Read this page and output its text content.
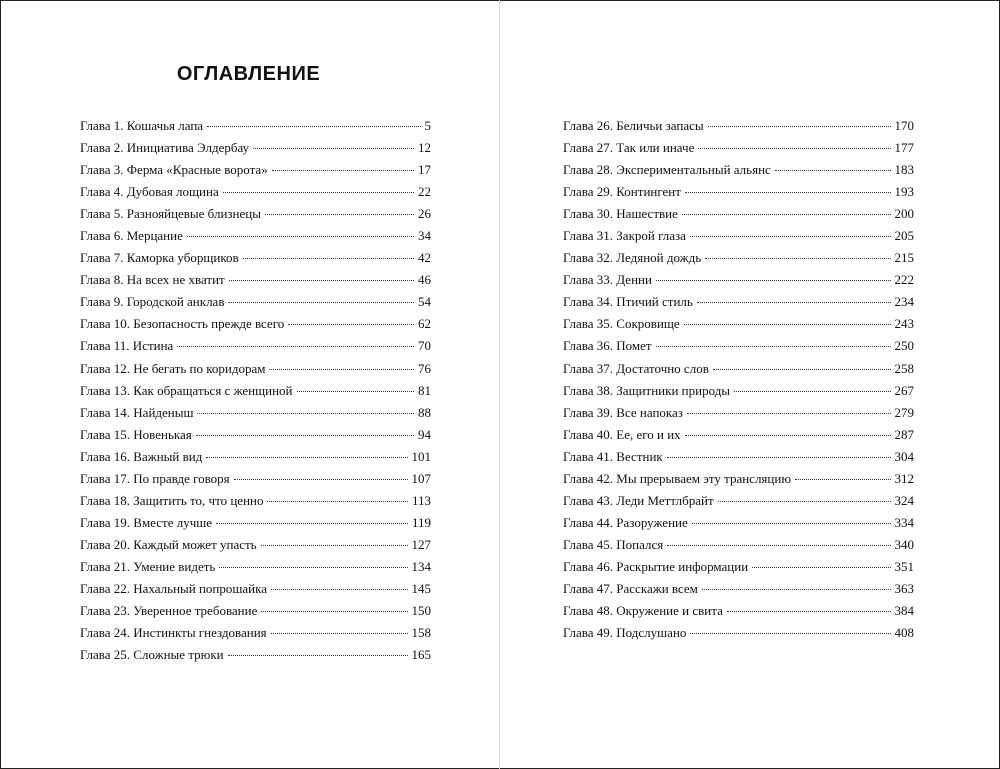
ОГЛАВЛЕНИЕ
Глава 1. Кошачья лапа	5
Глава 2. Инициатива Элдербау	12
Глава 3. Ферма «Красные ворота»	17
Глава 4. Дубовая лощина	22
Глава 5. Разнояйцевые близнецы	26
Глава 6. Мерцание	34
Глава 7. Каморка уборщиков	42
Глава 8. На всех не хватит	46
Глава 9. Городской анклав	54
Глава 10. Безопасность прежде всего	62
Глава 11. Истина	70
Глава 12. Не бегать по коридорам	76
Глава 13. Как обращаться с женщиной	81
Глава 14. Найденыш	88
Глава 15. Новенькая	94
Глава 16. Важный вид	101
Глава 17. По правде говоря	107
Глава 18. Защитить то, что ценно	113
Глава 19. Вместе лучше	119
Глава 20. Каждый может упасть	127
Глава 21. Умение видеть	134
Глава 22. Нахальный попрошайка	145
Глава 23. Уверенное требование	150
Глава 24. Инстинкты гнездования	158
Глава 25. Сложные трюки	165
Глава 26. Беличьи запасы	170
Глава 27. Так или иначе	177
Глава 28. Экспериментальный альянс	183
Глава 29. Контингент	193
Глава 30. Нашествие	200
Глава 31. Закрой глаза	205
Глава 32. Ледяной дождь	215
Глава 33. Денни	222
Глава 34. Птичий стиль	234
Глава 35. Сокровище	243
Глава 36. Помет	250
Глава 37. Достаточно слов	258
Глава 38. Защитники природы	267
Глава 39. Все напоказ	279
Глава 40. Ее, его и их	287
Глава 41. Вестник	304
Глава 42. Мы прерываем эту трансляцию	312
Глава 43. Леди Меттлбрайт	324
Глава 44. Разоружение	334
Глава 45. Попался	340
Глава 46. Раскрытие информации	351
Глава 47. Расскажи всем	363
Глава 48. Окружение и свита	384
Глава 49. Подслушано	408
